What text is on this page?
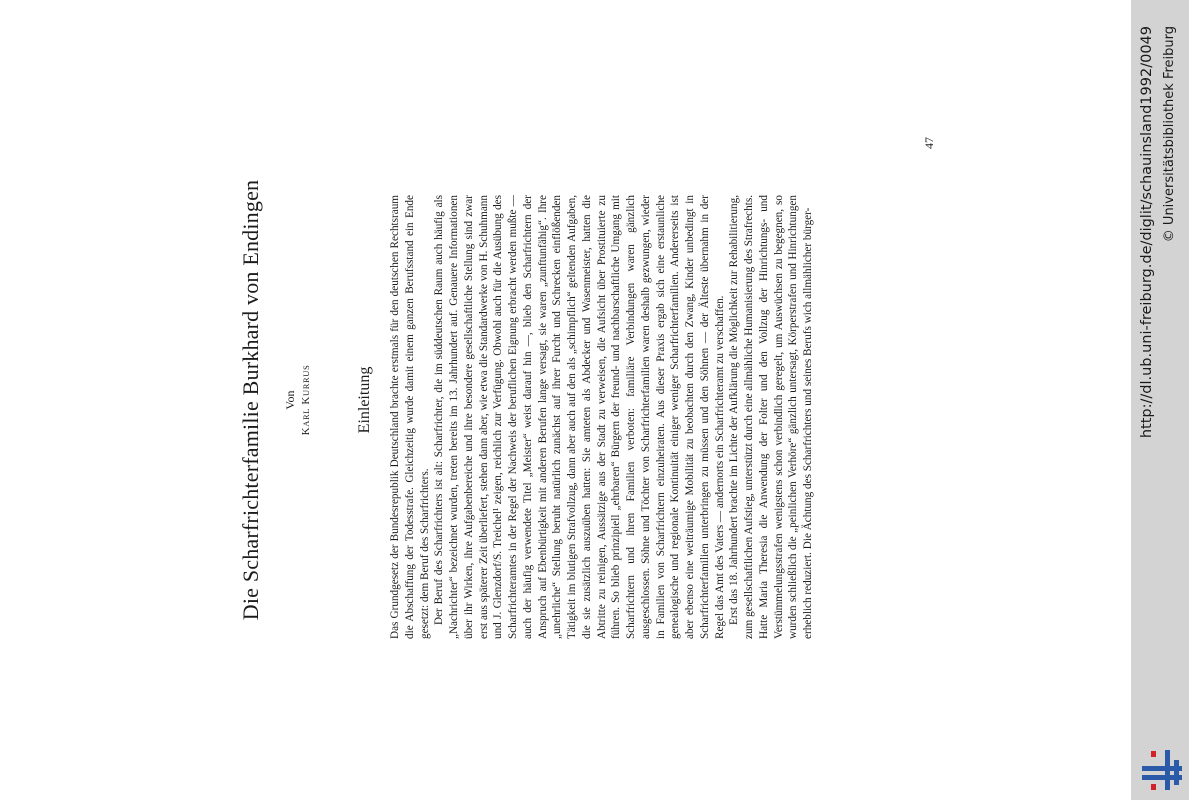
Die Scharfrichterfamilie Burkhard von Endingen Von
KARL KURRUS	Einleitung Das Grundgesetz der Bundesrepublik Deutschland brachte erstmals für den deutschen Rechtsraum die Abschaffung der Todesstrafe. Gleichzeitig wurde damit einem ganzen Berufsstand ein Ende gesetzt: dem Beruf des Scharfrichters. Der Beruf des Scharfrichters ist alt: Scharfrichter, die im süddeutschen Raum auch häufig als „Nachrichter“ bezeichnet wurden, treten bereits im 13. Jahrhundert auf. Genauere Informationen über ihr Wirken, ihre Aufgabenbereiche und ihre besondere gesellschaftliche Stellung sind zwar erst aus späterer Zeit überliefert, stehen dann aber, wie etwa die Standardwerke von H. Schuhmann und J. Glenzdorf/S. Treichel¹ zeigen, reichlich zur Verfügung. Obwohl auch für die Ausübung des Scharfrichteramtes in der Regel der Nachweis der beruflichen Eignung erbracht werden mußte — auch der häufig verwendete Titel „Meister“ weist darauf hin —, blieb den Scharfrichtern der Anspruch auf Ebenbürtigkeit mit anderen Berufen lange versagt, sie waren „zunftunfähig“. Ihre „unehrliche“ Stellung beruht natürlich zunächst auf ihrer Furcht und Schrecken einflößenden Tätigkeit im blutigen Strafvollzug, dann aber auch auf den als „schimpflich“ geltenden Aufgaben, die sie zusätzlich auszuüben hatten: Sie amteten als Abdecker und Wasenmeister, hatten die Abtritte zu reinigen, Aussätzige aus der Stadt zu verweisen, die Aufsicht über Prostituierte zu führen. So blieb prinzipiell „ehrbaren“ Bürgern der freund- und nachbarschaftliche Umgang mit Scharfrichtern und ihren Familien verboten: familiäre Verbindungen waren gänzlich ausgeschlossen. Söhne und Töchter von Scharfrichterfamilien waren deshalb gezwungen, wieder in Familien von Scharfrichtern einzuheiraten. Aus dieser Praxis ergab sich eine erstaunliche genealogische und regionale Kontinuität einiger weniger Scharfrichterfamilien. Andererseits ist aber ebenso eine weiträumige Mobilität zu beobachten durch den Zwang, Kinder unbedingt in Scharfrichterfamilien unterbringen zu müssen und den Söhnen — der Älteste übernahm in der Regel das Amt des Vaters — andernorts ein Scharfrichteramt zu verschaffen. Erst das 18. Jahrhundert brachte im Lichte der Aufklärung die Möglichkeit zur Rehabilitierung, zum gesellschaftlichen Aufstieg, unterstützt durch eine allmähliche Humanisierung des Strafrechts. Hatte Maria Theresia die Anwendung der Folter und den Vollzug der Hinrichtungs- und Verstümmelungsstrafen wenigstens schon verbindlich geregelt, um Auswüchsen zu begegnen, so wurden schließlich die „peinlichen Verhöre“ gänzlich untersagt, Körperstrafen und Hinrichtungen erheblich reduziert. Die Ächtung des Scharfrichters und seines Berufs wich allmählicher bürger-

47	http://dl.ub.uni-freiburg.de/diglit/schauinsland1992/0049 © Universitätsbibliothek Freiburg
